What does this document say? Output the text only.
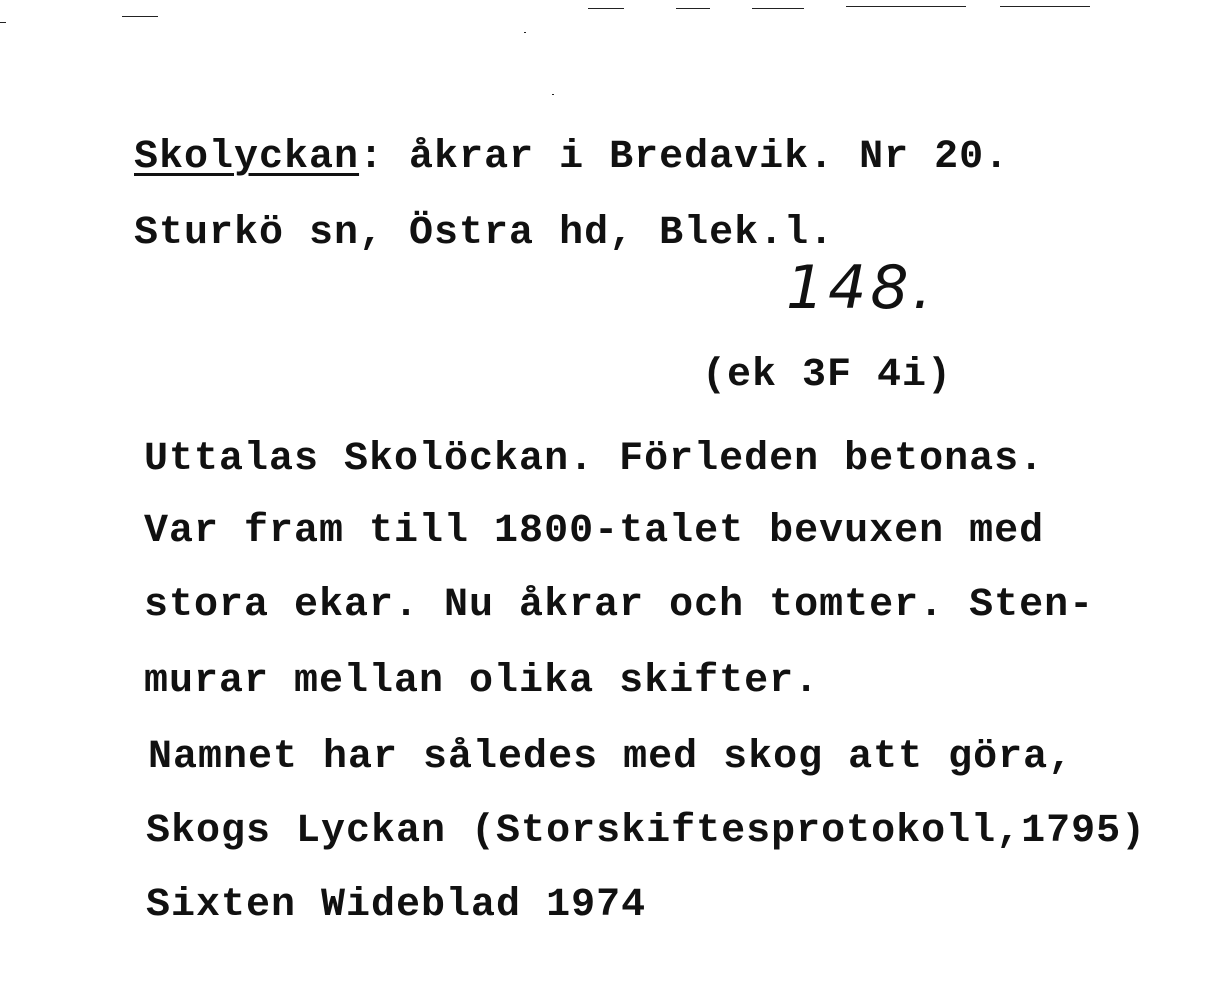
Skolyckan: åkrar i Bredavik. Nr 20.
Sturkö sn, Östra hd, Blek.l.
148.
(ek 3F 4i)
Uttalas Skolöckan. Förleden betonas.
Var fram till 1800-talet bevuxen med
stora ekar. Nu åkrar och tomter. Sten-
murar mellan olika skifter.
Namnet har således med skog att göra,
Skogs Lyckan (Storskiftesprotokoll,1795)
Sixten Wideblad 1974
